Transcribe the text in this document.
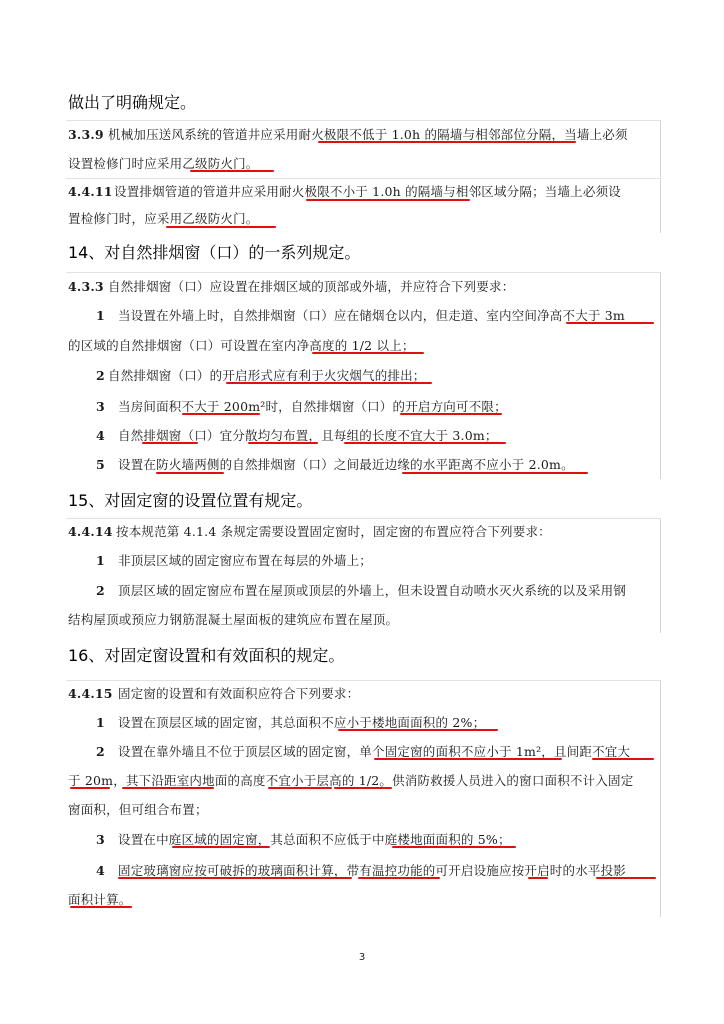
做出了明确规定。
3.3.9 机械加压送风系统的管道井应采用耐火极限不低于 1.0h 的隔墙与相邻部位分隔，当墙上必须
设置检修门时应采用乙级防火门。
4.4.11 设置排烟管道的管道井应采用耐火极限不小于 1.0h 的隔墙与相邻区域分隔；当墙上必须设
置检修门时，应采用乙级防火门。
14、对自然排烟窗（口）的一系列规定。
4.3.3 自然排烟窗（口）应设置在排烟区域的顶部或外墙，并应符合下列要求：
1 当设置在外墙上时，自然排烟窗（口）应在储烟仓以内，但走道、室内空间净高不大于 3m
的区域的自然排烟窗（口）可设置在室内净高度的 1/2 以上；
2 自然排烟窗（口）的开启形式应有利于火灾烟气的排出；
3 当房间面积不大于 200m²时，自然排烟窗（口）的开启方向可不限；
4 自然排烟窗（口）宜分散均匀布置，且每组的长度不宜大于 3.0m；
5 设置在防火墙两侧的自然排烟窗（口）之间最近边缘的水平距离不应小于 2.0m。
15、对固定窗的设置位置有规定。
4.4.14 按本规范第 4.1.4 条规定需要设置固定窗时，固定窗的布置应符合下列要求：
1 非顶层区域的固定窗应布置在每层的外墙上；
2 顶层区域的固定窗应布置在屋顶或顶层的外墙上，但未设置自动喷水灭火系统的以及采用钢
结构屋顶或预应力钢筋混凝土屋面板的建筑应布置在屋顶。
16、对固定窗设置和有效面积的规定。
4.4.15 固定窗的设置和有效面积应符合下列要求：
1 设置在顶层区域的固定窗，其总面积不应小于楼地面面积的 2%；
2 设置在靠外墙且不位于顶层区域的固定窗，单个固定窗的面积不应小于 1m²，且间距不宜大
于 20m，其下沿距室内地面的高度不宜小于层高的 1/2。供消防救援人员进入的窗口面积不计入固定
窗面积，但可组合布置；
3 设置在中庭区域的固定窗，其总面积不应低于中庭楼地面面积的 5%；
4 固定玻璃窗应按可破拆的玻璃面积计算，带有温控功能的可开启设施应按开启时的水平投影
面积计算。
3
